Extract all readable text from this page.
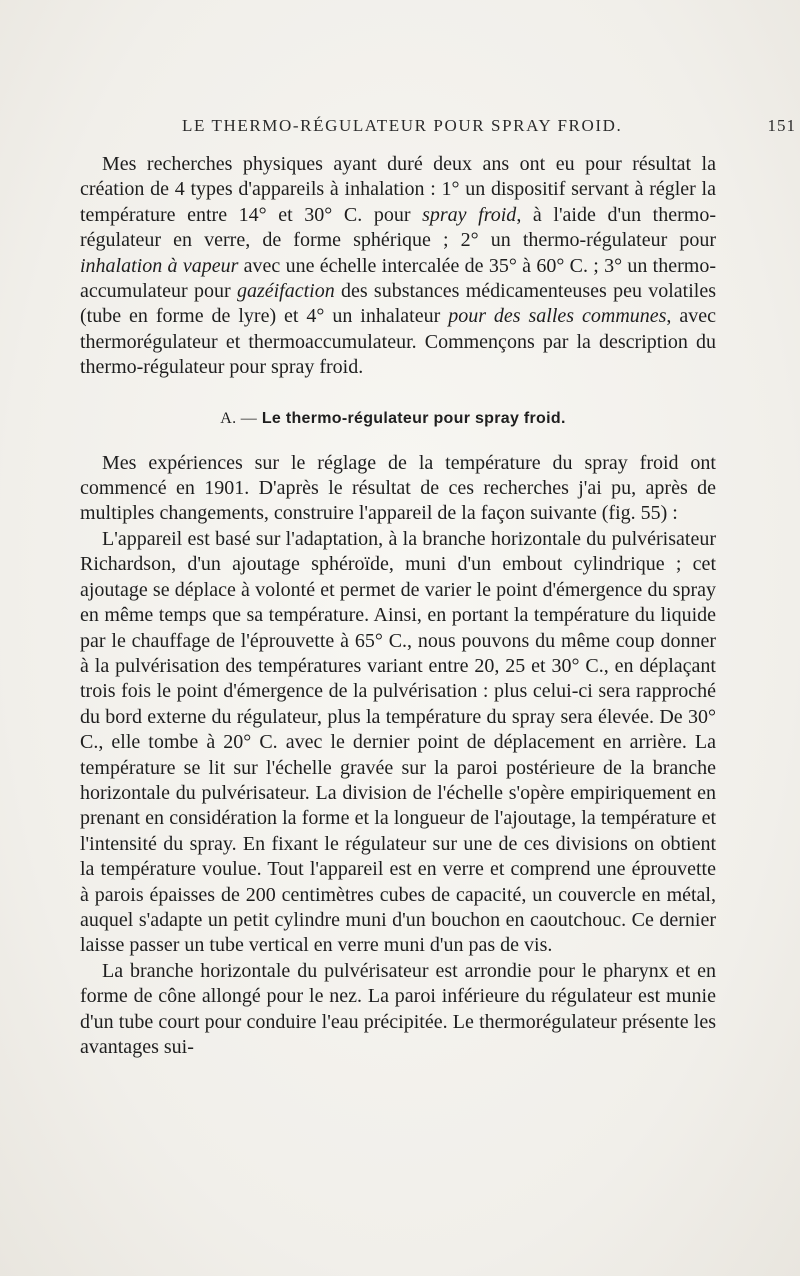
LE THERMO-RÉGULATEUR POUR SPRAY FROID.	151

Mes recherches physiques ayant duré deux ans ont eu pour résultat la création de 4 types d'appareils à inhalation : 1° un dispositif servant à régler la température entre 14° et 30° C. pour spray froid, à l'aide d'un thermo-régulateur en verre, de forme sphérique ; 2° un thermo-régulateur pour inhalation à vapeur avec une échelle intercalée de 35° à 60° C. ; 3° un thermo-accumulateur pour gazéifaction des substances médicamenteuses peu volatiles (tube en forme de lyre) et 4° un inhalateur pour des salles communes, avec thermorégulateur et thermoaccumulateur. Commençons par la description du thermo-régulateur pour spray froid.

A. — Le thermo-régulateur pour spray froid.

Mes expériences sur le réglage de la température du spray froid ont commencé en 1901. D'après le résultat de ces recherches j'ai pu, après de multiples changements, construire l'appareil de la façon suivante (fig. 55) :

L'appareil est basé sur l'adaptation, à la branche horizontale du pulvérisateur Richardson, d'un ajoutage sphéroïde, muni d'un embout cylindrique ; cet ajoutage se déplace à volonté et permet de varier le point d'émergence du spray en même temps que sa température. Ainsi, en portant la température du liquide par le chauffage de l'éprouvette à 65° C., nous pouvons du même coup donner à la pulvérisation des températures variant entre 20, 25 et 30° C., en déplaçant trois fois le point d'émergence de la pulvérisation : plus celui-ci sera rapproché du bord externe du régulateur, plus la température du spray sera élevée. De 30° C., elle tombe à 20° C. avec le dernier point de déplacement en arrière. La température se lit sur l'échelle gravée sur la paroi postérieure de la branche horizontale du pulvérisateur. La division de l'échelle s'opère empiriquement en prenant en considération la forme et la longueur de l'ajoutage, la température et l'intensité du spray. En fixant le régulateur sur une de ces divisions on obtient la température voulue. Tout l'appareil est en verre et comprend une éprouvette à parois épaisses de 200 centimètres cubes de capacité, un couvercle en métal, auquel s'adapte un petit cylindre muni d'un bouchon en caoutchouc. Ce dernier laisse passer un tube vertical en verre muni d'un pas de vis.

La branche horizontale du pulvérisateur est arrondie pour le pharynx et en forme de cône allongé pour le nez. La paroi inférieure du régulateur est munie d'un tube court pour conduire l'eau précipitée. Le thermorégulateur présente les avantages sui-
